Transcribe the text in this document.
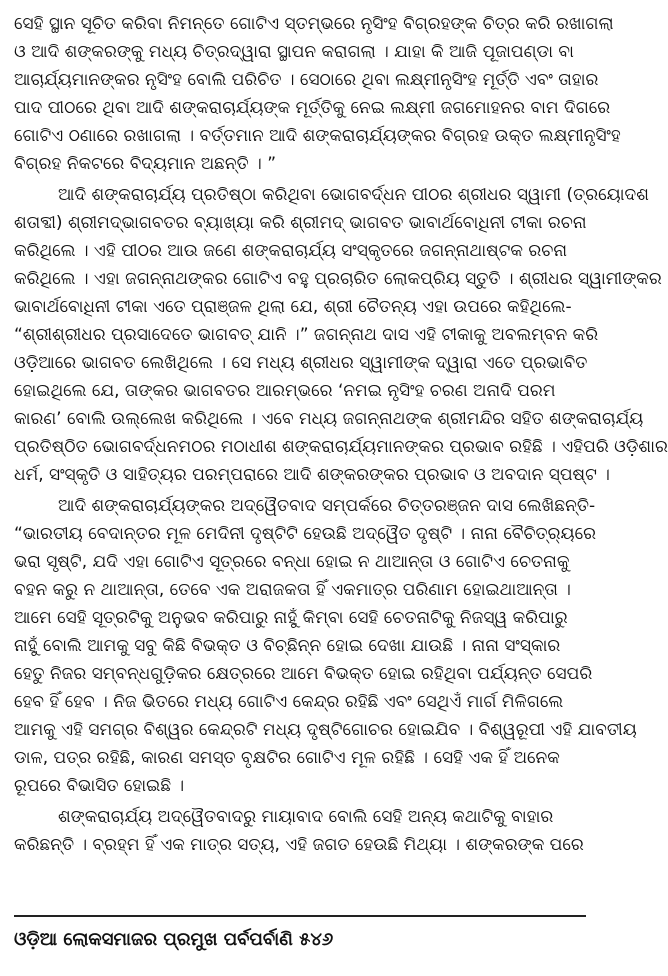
ସେହି ସ୍ଥାନ ସୂଚିତ କରିବା ନିମନ୍ତେ ଗୋଟିଏ ସ୍ତମ୍ଭରେ ନୃସିଂହ ବିଗ୍ରହଙ୍କ ଚିତ୍ର କରି ରଖାଗଲା
ଓ ଆଦି ଶଙ୍କରଙ୍କୁ ମଧ୍ୟ ଚିତ୍ରଦ୍ୱାରା ସ୍ଥାପନ କରାଗଲା । ଯାହା କି ଆଜି ପୂଜାପଣ୍ଡା ବା
ଆଚାର୍ଯ୍ୟମାନଙ୍କର ନୃସିଂହ ବୋଲି ପରିଚିତ । ସେଠାରେ ଥିବା ଲକ୍ଷ୍ମୀନୃସିଂହ ମୂର୍ତ୍ତି ଏବଂ ତାହାର
ପାଦ ପୀଠରେ ଥିବା ଆଦି ଶଙ୍କରାଚାର୍ଯ୍ୟଙ୍କ ମୂର୍ତ୍ତିକୁ ନେଇ ଲକ୍ଷ୍ମୀ ଜଗମୋହନର ବାମ ଦିଗରେ
ଗୋଟିଏ ଠଣାରେ ରଖାଗଲା । ବର୍ତ୍ତମାନ ଆଦି ଶଙ୍କରାଚାର୍ଯ୍ୟଙ୍କର ବିଗ୍ରହ ଉକ୍ତ ଲକ୍ଷ୍ମୀନୃସିଂହ
ବିଗ୍ରହ ନିକଟରେ ବିଦ୍ୟମାନ ଅଛନ୍ତି । ”
ଆଦି ଶଙ୍କରାଚାର୍ଯ୍ୟ ପ୍ରତିଷ୍ଠା କରିଥିବା ଭୋଗବର୍ଦ୍ଧନ ପୀଠର ଶ୍ରୀଧର ସ୍ୱାମୀ (ତ୍ରୟୋଦଶ
ଶତାବ୍ଦୀ) ଶ୍ରୀମଦ୍ଭାଗବତର ବ୍ୟାଖ୍ୟା କରି ଶ୍ରୀମଦ୍ ଭାଗବତ ଭାବାର୍ଥବୋଧିନୀ ଟୀକା ରଚନା
କରିଥିଲେ । ଏହି ପୀଠର ଆଉ ଜଣେ ଶଙ୍କରାଚାର୍ଯ୍ୟ ସଂସ୍କୃତରେ ଜଗନ୍ନାଥାଷ୍ଟକ ରଚନା
କରିଥିଲେ । ଏହା ଜଗନ୍ନାଥଙ୍କର ଗୋଟିଏ ବହୁ ପ୍ରଚାରିତ ଲୋକପ୍ରିୟ ସ୍ତୁତି । ଶ୍ରୀଧର ସ୍ୱାମୀଙ୍କର
ଭାବାର୍ଥବୋଧିନୀ ଟୀକା ଏତେ ପ୍ରାଞ୍ଜଳ ଥିଲା ଯେ, ଶ୍ରୀ ଚୈତନ୍ୟ ଏହା ଉପରେ କହିଥିଲେ-
“ଶ୍ରୀଶ୍ରୀଧର ପ୍ରସାଦେତେ ଭାଗବତ୍ ଯାନି ।” ଜଗନ୍ନାଥ ଦାସ ଏହି ଟୀକାକୁ ଅବଲମ୍ବନ କରି
ଓଡ଼ିଆରେ ଭାଗବତ ଲେଖିଥିଲେ । ସେ ମଧ୍ୟ ଶ୍ରୀଧର ସ୍ୱାମୀଙ୍କ ଦ୍ୱାରା ଏତେ ପ୍ରଭାବିତ
ହୋଇଥିଲେ ଯେ, ତାଙ୍କର ଭାଗବତର ଆରମ୍ଭରେ ‘ନମଇ ନୃସିଂହ ଚରଣ ଅନାଦି ପରମ
କାରଣ’ ବୋଲି ଉଲ୍ଲେଖ କରିଥିଲେ । ଏବେ ମଧ୍ୟ ଜଗନ୍ନାଥଙ୍କ ଶ୍ରୀମନ୍ଦିର ସହିତ ଶଙ୍କରାଚାର୍ଯ୍ୟ
ପ୍ରତିଷ୍ଠିତ ଭୋଗବର୍ଦ୍ଧନମଠର ମଠାଧୀଶ ଶଙ୍କରାଚାର୍ଯ୍ୟମାନଙ୍କର ପ୍ରଭାବ ରହିଛି । ଏହିପରି ଓଡ଼ିଶାର
ଧର୍ମ, ସଂସ୍କୃତି ଓ ସାହିତ୍ୟର ପରମ୍ପରାରେ ଆଦି ଶଙ୍କରଙ୍କର ପ୍ରଭାବ ଓ ଅବଦାନ ସ୍ପଷ୍ଟ ।
ଆଦି ଶଙ୍କରାଚାର୍ଯ୍ୟଙ୍କର ଅଦ୍ୱୈତବାଦ ସମ୍ପର୍କରେ ଚିତ୍ତରଞ୍ଜନ ଦାସ ଲେଖିଛନ୍ତି-
“ଭାରତୀୟ ବେଦାନ୍ତର ମୂଳ ମେଦିନୀ ଦୃଷ୍ଟିଟି ହେଉଛି ଅଦ୍ୱୈତ ଦୃଷ୍ଟି । ନାନା ବୈଚିତ୍ର୍ୟରେ
ଭରା ସୃଷ୍ଟି, ଯଦି ଏହା ଗୋଟିଏ ସୂତ୍ରରେ ବନ୍ଧା ହୋଇ ନ ଥାଆନ୍ତା ଓ ଗୋଟିଏ ଚେତନାକୁ
ବହନ କରୁ ନ ଥାଆନ୍ତା, ତେବେ ଏକ ଅରାଜକତା ହିଁ ଏକମାତ୍ର ପରିଣାମ ହୋଇଥାଆନ୍ତା ।
ଆମେ ସେହି ସୂତ୍ରଟିକୁ ଅନୁଭବ କରିପାରୁ ନାହୁଁ କିମ୍ବା ସେହି ଚେତନାଟିକୁ ନିଜସ୍ୱ କରିପାରୁ
ନାହୁଁ ବୋଲି ଆମକୁ ସବୁ କିଛି ବିଭକ୍ତ ଓ ବିଚ୍ଛିନ୍ନ ହୋଇ ଦେଖା ଯାଉଛି । ନାନା ସଂସ୍କାର
ହେତୁ ନିଜର ସମ୍ବନ୍ଧଗୁଡ଼ିକର କ୍ଷେତ୍ରରେ ଆମେ ବିଭକ୍ତ ହୋଇ ରହିଥିବା ପର୍ଯ୍ୟନ୍ତ ସେପରି
ହେବ ହିଁ ହେବ । ନିଜ ଭିତରେ ମଧ୍ୟ ଗୋଟିଏ କେନ୍ଦ୍ର ରହିଛି ଏବଂ ସେଥିଏଁ ମାର୍ଗ ମିଳିଗଲେ
ଆମକୁ ଏହି ସମଗ୍ର ବିଶ୍ୱର କେନ୍ଦ୍ରଟି ମଧ୍ୟ ଦୃଷ୍ଟିଗୋଚର ହୋଇଯିବ । ବିଶ୍ୱରୂପୀ ଏହି ଯାବତୀୟ
ଡାଳ, ପତ୍ର ରହିଛି, କାରଣ ସମସ୍ତ ବୃକ୍ଷଟିର ଗୋଟିଏ ମୂଳ ରହିଛି । ସେହି ଏକ ହିଁ ଅନେକ
ରୂପରେ ବିଭାସିତ ହୋଇଛି ।
ଶଙ୍କରାଚାର୍ଯ୍ୟ ଅଦ୍ୱୈତବାଦରୁ ମାୟାବାଦ ବୋଲି ସେହି ଅନ୍ୟ କଥାଟିକୁ ବାହାର
କରିଛନ୍ତି । ବ୍ରହ୍ମ ହିଁ ଏକ ମାତ୍ର ସତ୍ୟ, ଏହି ଜଗତ ହେଉଛି ମିଥ୍ୟା । ଶଙ୍କରଙ୍କ ପରେ
ଓଡ଼ିଆ ଲୋକସମାଜର ପ୍ରମୁଖ ପର୍ବପର୍ବାଣି ୫୪୬
